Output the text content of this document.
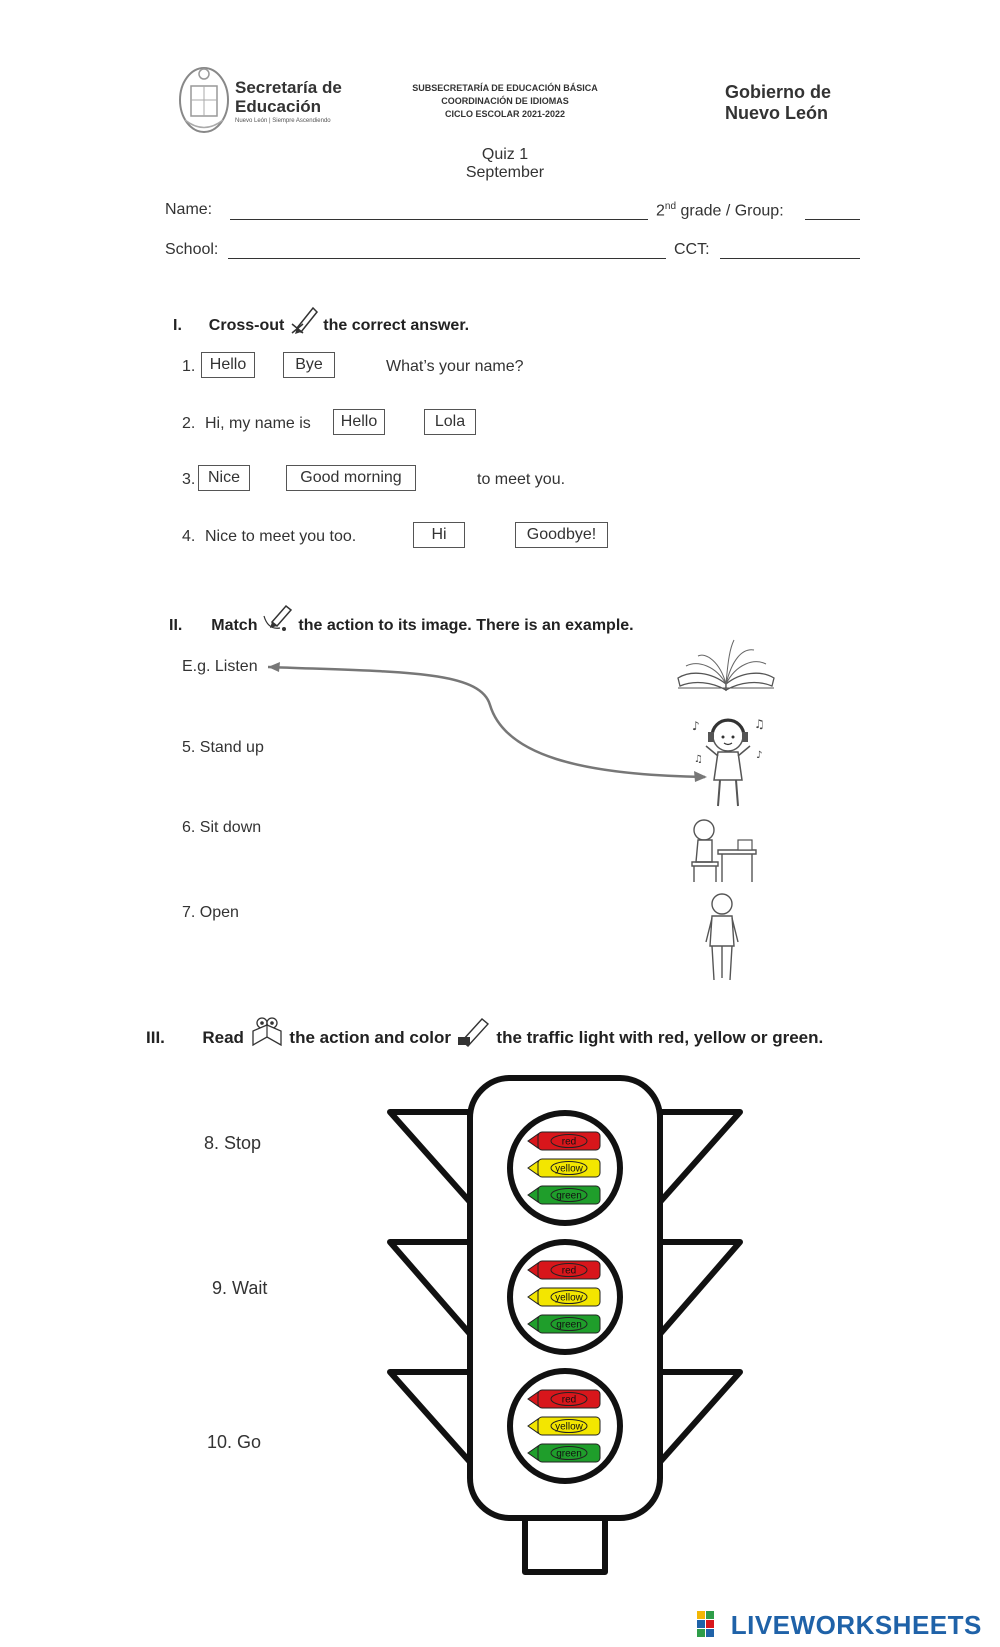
Secretaría de Educación
Nuevo León | Siempre Ascendiendo
SUBSECRETARÍA DE EDUCACIÓN BÁSICA
COORDINACIÓN DE IDIOMAS
CICLO ESCOLAR 2021-2022
Gobierno de Nuevo León
Quiz 1
September
Name:	2nd grade / Group:
School:	CCT:
I. Cross-out the correct answer.
1. Hello	Bye	What’s your name?
2. Hi, my name is	Hello	Lola
3. Nice	Good morning	to meet you.
4. Nice to meet you too.	Hi	Goodbye!
II. Match	the action to its image. There is an example.
E.g. Listen
5. Stand up
6. Sit down
7. Open
♪	♫
♫	♪
III. Read	the action and color	the traffic light with red, yellow or green.
8. Stop
9. Wait
10. Go
red
yellow
green
red
yellow
green
red
yellow
green
LIVEWORKSHEETS
